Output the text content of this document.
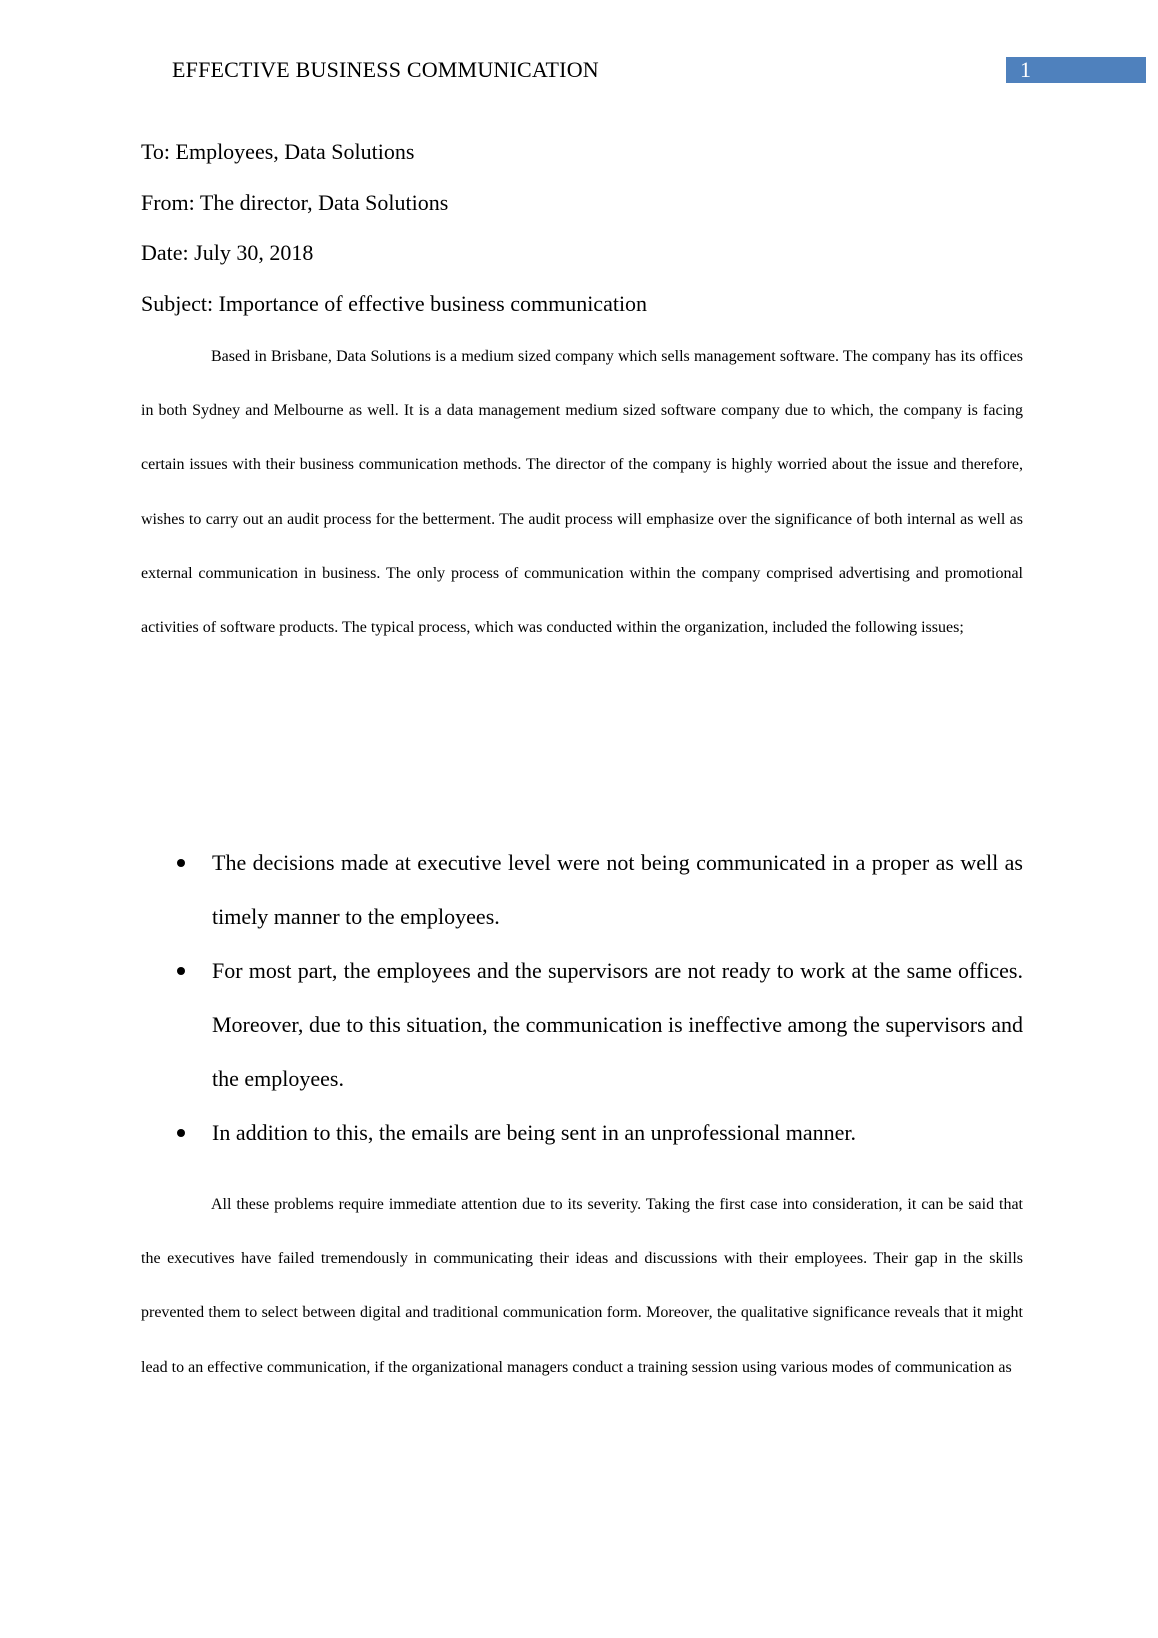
EFFECTIVE BUSINESS COMMUNICATION	1
To: Employees, Data Solutions
From: The director, Data Solutions
Date: July 30, 2018
Subject: Importance of effective business communication

Based in Brisbane, Data Solutions is a medium sized company which sells management software. The company has its offices in both Sydney and Melbourne as well. It is a data management medium sized software company due to which, the company is facing certain issues with their business communication methods. The director of the company is highly worried about the issue and therefore, wishes to carry out an audit process for the betterment. The audit process will emphasize over the significance of both internal as well as external communication in business. The only process of communication within the company comprised advertising and promotional activities of software products. The typical process, which was conducted within the organization, included the following issues;

The decisions made at executive level were not being communicated in a proper as well as timely manner to the employees.
For most part, the employees and the supervisors are not ready to work at the same offices. Moreover, due to this situation, the communication is ineffective among the supervisors and the employees.
In addition to this, the emails are being sent in an unprofessional manner.

All these problems require immediate attention due to its severity. Taking the first case into consideration, it can be said that the executives have failed tremendously in communicating their ideas and discussions with their employees. Their gap in the skills prevented them to select between digital and traditional communication form. Moreover, the qualitative significance reveals that it might lead to an effective communication, if the organizational managers conduct a training session using various modes of communication as
